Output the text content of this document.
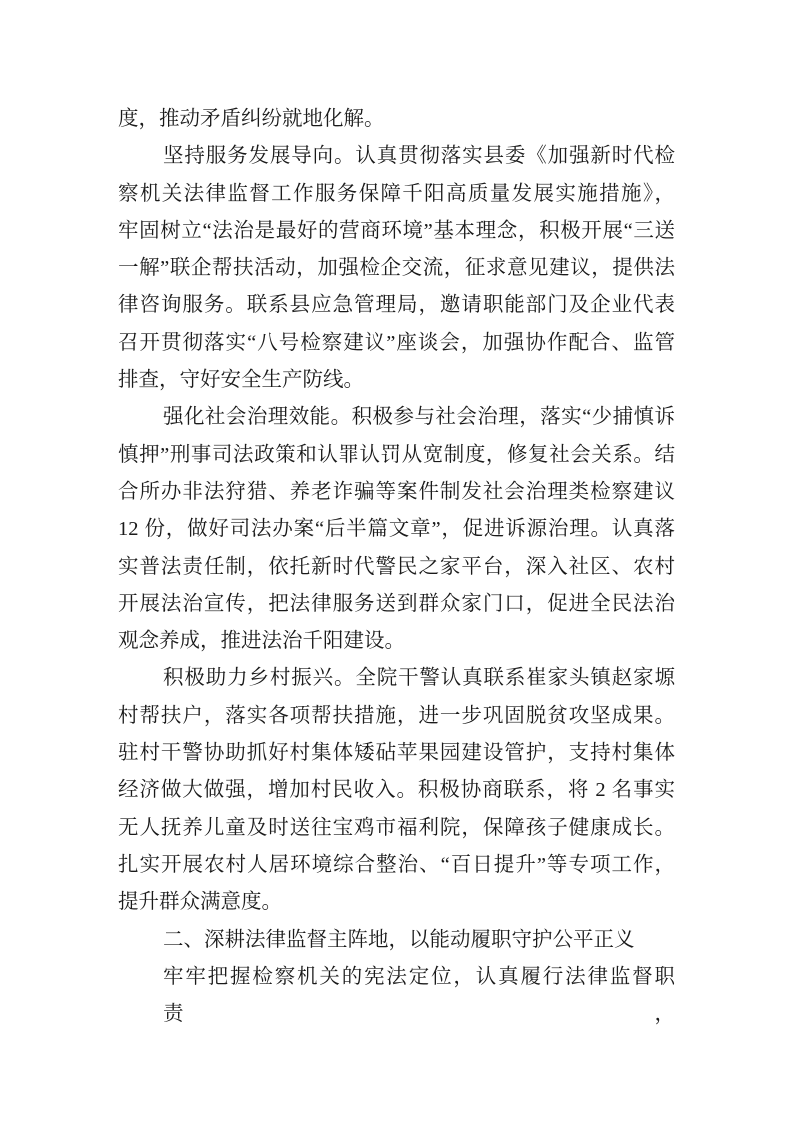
度，推动矛盾纠纷就地化解。
坚持服务发展导向。认真贯彻落实县委《加强新时代检
察机关法律监督工作服务保障千阳高质量发展实施措施》，
牢固树立“法治是最好的营商环境”基本理念，积极开展“三送
一解”联企帮扶活动，加强检企交流，征求意见建议，提供法
律咨询服务。联系县应急管理局，邀请职能部门及企业代表
召开贯彻落实“八号检察建议”座谈会，加强协作配合、监管
排查，守好安全生产防线。
强化社会治理效能。积极参与社会治理，落实“少捕慎诉
慎押”刑事司法政策和认罪认罚从宽制度，修复社会关系。结
合所办非法狩猎、养老诈骗等案件制发社会治理类检察建议
12 份，做好司法办案“后半篇文章”，促进诉源治理。认真落
实普法责任制，依托新时代警民之家平台，深入社区、农村
开展法治宣传，把法律服务送到群众家门口，促进全民法治
观念养成，推进法治千阳建设。
积极助力乡村振兴。全院干警认真联系崔家头镇赵家塬
村帮扶户，落实各项帮扶措施，进一步巩固脱贫攻坚成果。
驻村干警协助抓好村集体矮砧苹果园建设管护，支持村集体
经济做大做强，增加村民收入。积极协商联系，将 2 名事实
无人抚养儿童及时送往宝鸡市福利院，保障孩子健康成长。
扎实开展农村人居环境综合整治、“百日提升”等专项工作，
提升群众满意度。
二、深耕法律监督主阵地，以能动履职守护公平正义
牢牢把握检察机关的宪法定位，认真履行法律监督职责，
